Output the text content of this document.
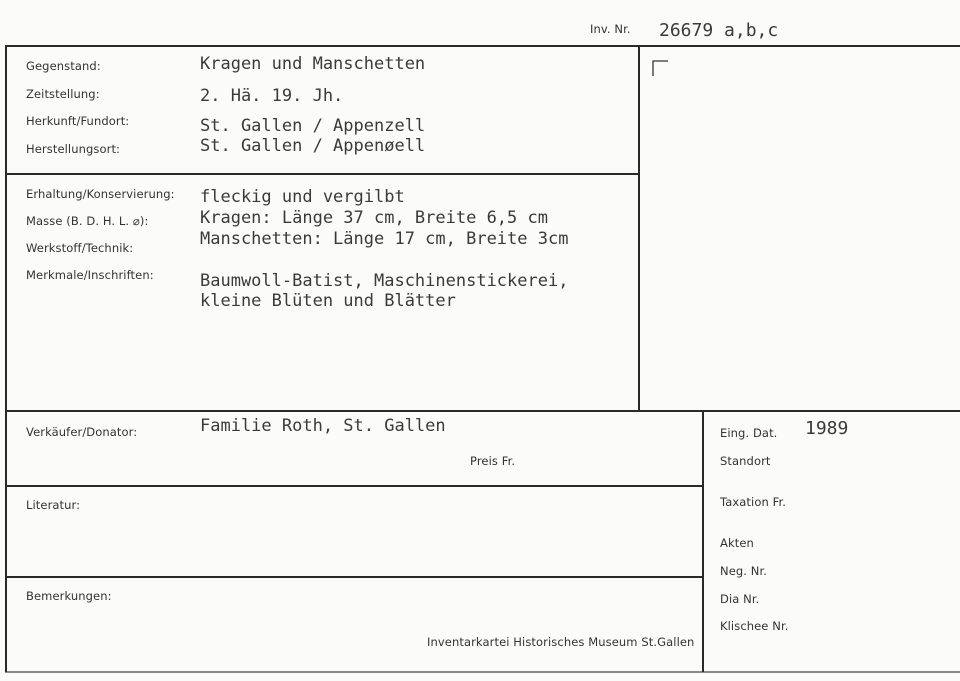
Inv. Nr. 26679 a,b,c
Gegenstand:	Kragen und Manschetten
Zeitstellung:	2. Hä. 19. Jh.
Herkunft/Fundort:	St. Gallen / Appenzell
Herstellungsort:	St. Gallen / Appenøell
Erhaltung/Konservierung: fleckig und vergilbt
Masse (B. D. H. L. ⌀):	Kragen: Länge 37 cm, Breite 6,5 cm
Manschetten: Länge 17 cm, Breite 3cm
Werkstoff/Technik:
Merkmale/Inschriften:	Baumwoll-Batist, Maschinenstickerei,
kleine Blüten und Blätter
Verkäufer/Donator:	Familie Roth, St. Gallen
Preis Fr.
Literatur:
Bemerkungen:
Inventarkartei Historisches Museum St.Gallen
Eing. Dat. 1989
Standort
Taxation Fr.
Akten
Neg. Nr.
Dia Nr.
Klischee Nr.
